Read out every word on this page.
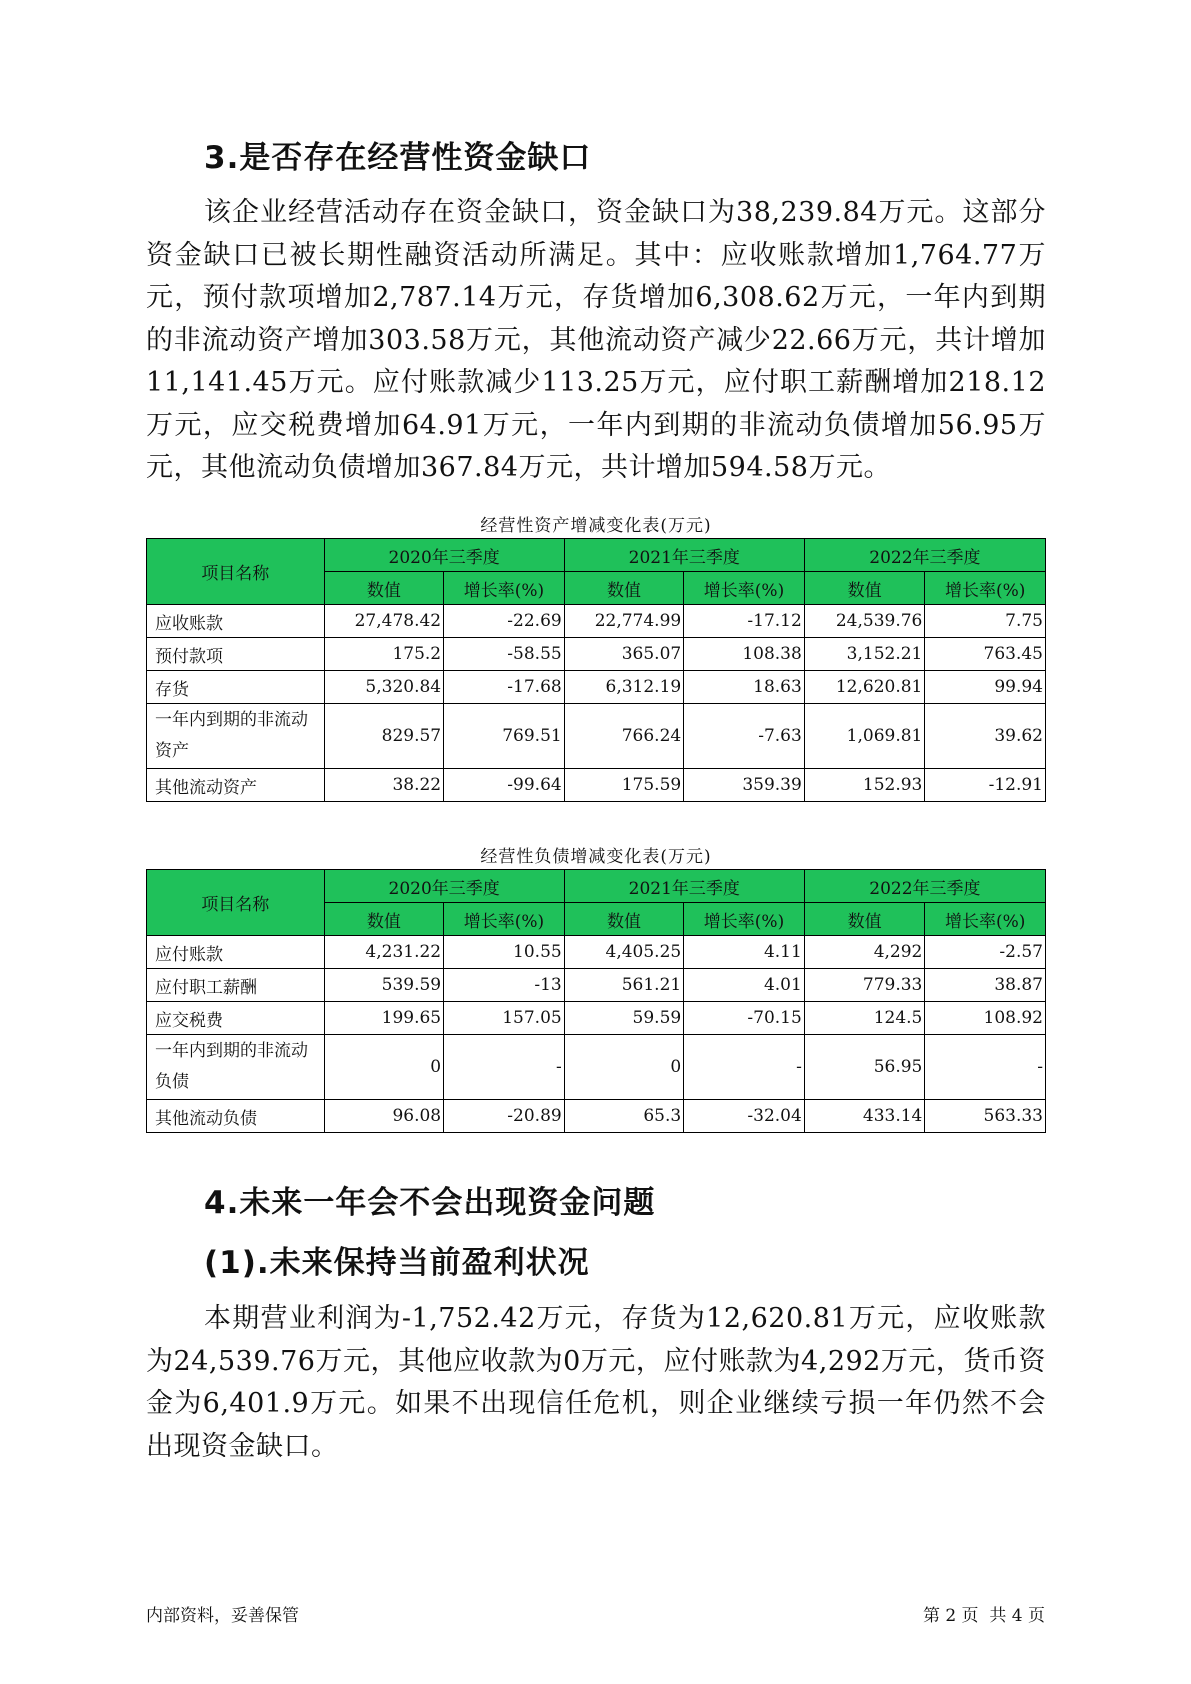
3.是否存在经营性资金缺口

该企业经营活动存在资金缺口，资金缺口为38,239.84万元。这部分资金缺口已被长期性融资活动所满足。其中：应收账款增加1,764.77万元，预付款项增加2,787.14万元，存货增加6,308.62万元，一年内到期的非流动资产增加303.58万元，其他流动资产减少22.66万元，共计增加11,141.45万元。应付账款减少113.25万元，应付职工薪酬增加218.12万元，应交税费增加64.91万元，一年内到期的非流动负债增加56.95万元，其他流动负债增加367.84万元，共计增加594.58万元。

经营性资产增减变化表(万元)
项目名称	2020年三季度		2021年三季度		2022年三季度	
	数值	增长率(%)	数值	增长率(%)	数值	增长率(%)
应收账款	27,478.42	-22.69	22,774.99	-17.12	24,539.76	7.75
预付款项	175.2	-58.55	365.07	108.38	3,152.21	763.45
存货	5,320.84	-17.68	6,312.19	18.63	12,620.81	99.94
一年内到期的非流动资产	829.57	769.51	766.24	-7.63	1,069.81	39.62
其他流动资产	38.22	-99.64	175.59	359.39	152.93	-12.91
经营性负债增减变化表(万元)
项目名称	2020年三季度		2021年三季度		2022年三季度	
	数值	增长率(%)	数值	增长率(%)	数值	增长率(%)
应付账款	4,231.22	10.55	4,405.25	4.11	4,292	-2.57
应付职工薪酬	539.59	-13	561.21	4.01	779.33	38.87
应交税费	199.65	157.05	59.59	-70.15	124.5	108.92
一年内到期的非流动负债	0	-	0	-	56.95	-
其他流动负债	96.08	-20.89	65.3	-32.04	433.14	563.33
4.未来一年会不会出现资金问题
(1).未来保持当前盈利状况

本期营业利润为-1,752.42万元，存货为12,620.81万元，应收账款为24,539.76万元，其他应收款为0万元，应付账款为4,292万元，货币资金为6,401.9万元。如果不出现信任危机，则企业继续亏损一年仍然不会出现资金缺口。

内部资料，妥善保管	第 2 页  共 4 页
